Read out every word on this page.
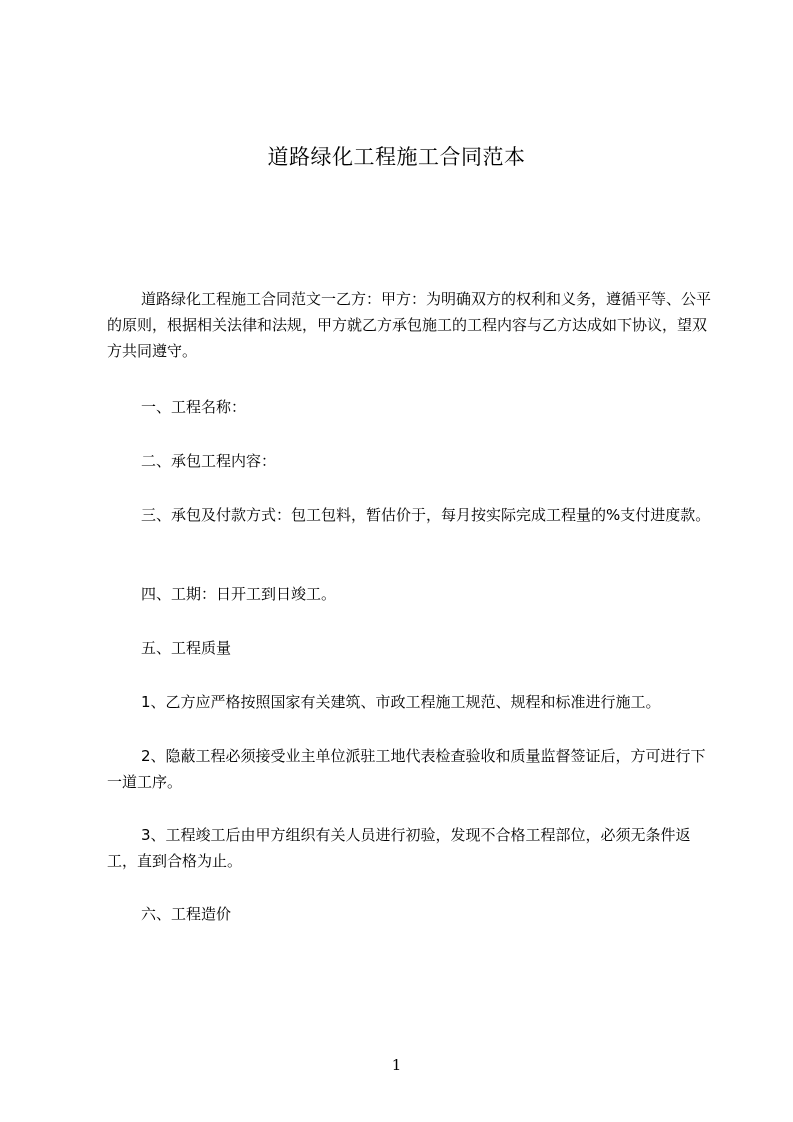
道路绿化工程施工合同范本

道路绿化工程施工合同范文一乙方：甲方：为明确双方的权利和义务，遵循平等、公平的原则，根据相关法律和法规，甲方就乙方承包施工的工程内容与乙方达成如下协议，望双方共同遵守。

一、工程名称：

二、承包工程内容：

三、承包及付款方式：包工包料，暂估价于，每月按实际完成工程量的%支付进度款。

四、工期：日开工到日竣工。

五、工程质量

1、乙方应严格按照国家有关建筑、市政工程施工规范、规程和标准进行施工。

2、隐蔽工程必须接受业主单位派驻工地代表检查验收和质量监督签证后，方可进行下一道工序。

3、工程竣工后由甲方组织有关人员进行初验，发现不合格工程部位，必须无条件返工，直到合格为止。

六、工程造价

1
